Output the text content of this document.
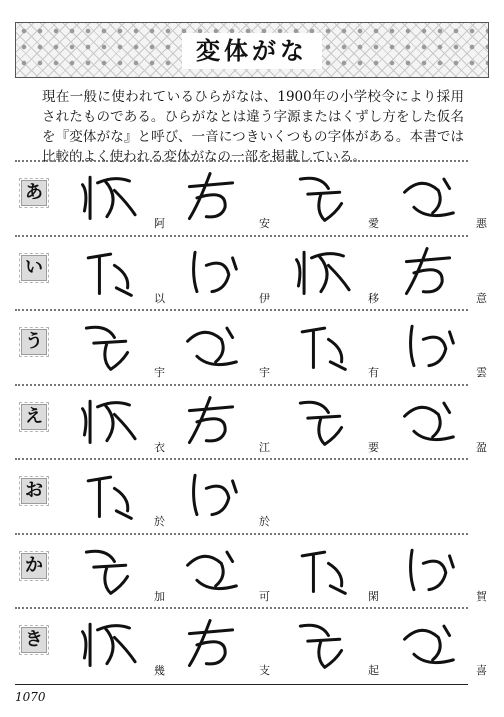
変体がな

現在一般に使われているひらがなは、1900年の小学校令により採用されたものである。ひらがなとは違う字源またはくずし方をした仮名を『変体がな』と呼び、一音につきいくつもの字体がある。本書では比較的よく使われる変体がなの一部を掲載している。

あ
阿	安	愛	悪
い
以	伊	移	意
う
宇	宇	有	雲
え
衣	江	要	盈
お
於	於
か
加	可	閑	賀
き
幾	支	起	喜
1070
